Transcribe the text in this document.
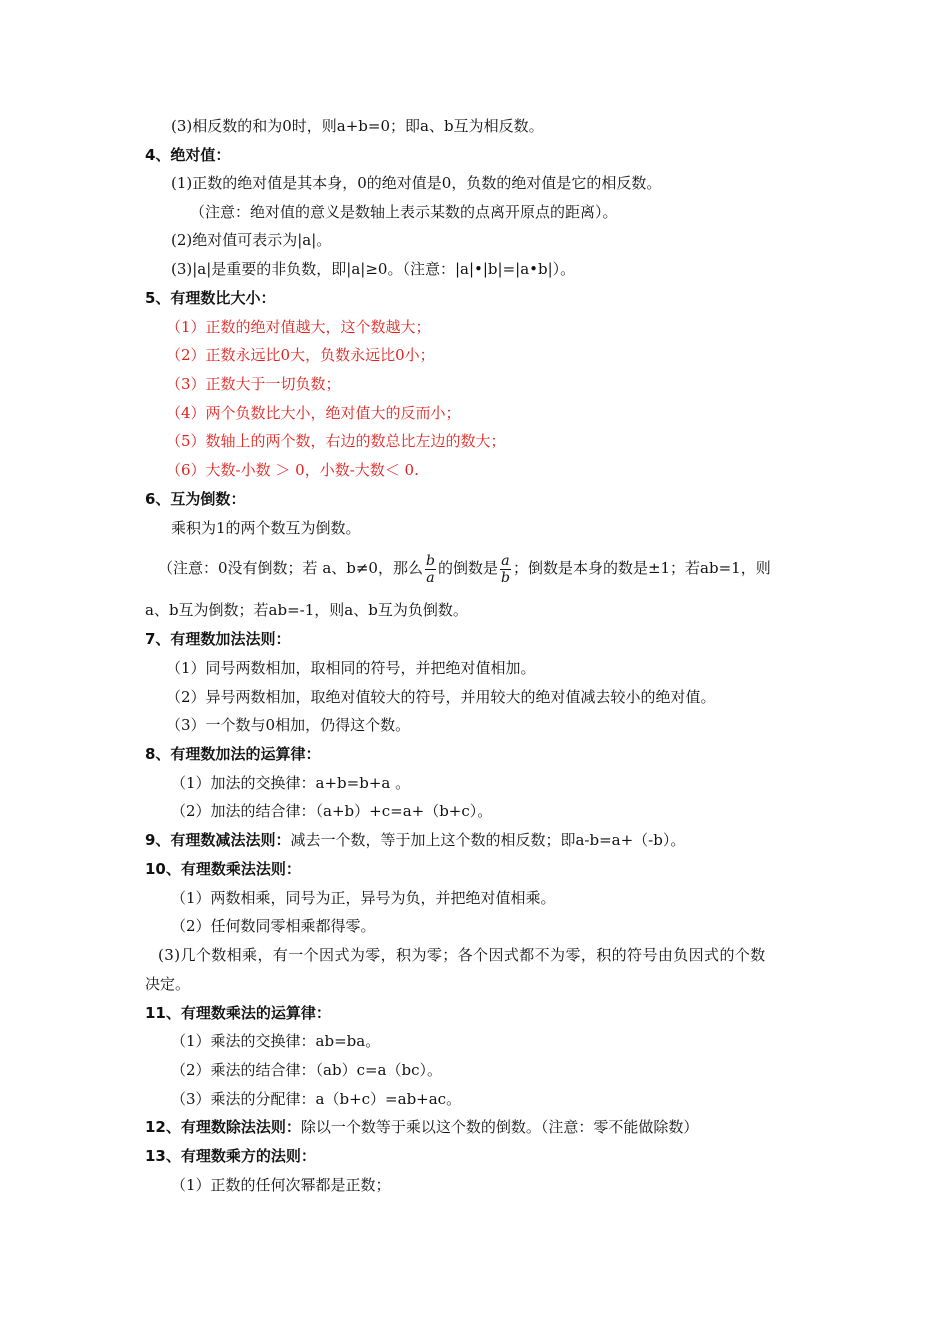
(3)相反数的和为0时，则a+b=0；即a、b互为相反数。
4、绝对值：
(1)正数的绝对值是其本身，0的绝对值是0，负数的绝对值是它的相反数。
（注意：绝对值的意义是数轴上表示某数的点离开原点的距离）。
(2)绝对值可表示为|a|。
(3)|a|是重要的非负数，即|a|≥0。（注意：|a|•|b|=|a•b|）。
5、有理数比大小：
（1）正数的绝对值越大，这个数越大；
（2）正数永远比0大，负数永远比0小；
（3）正数大于一切负数；
（4）两个负数比大小，绝对值大的反而小；
（5）数轴上的两个数，右边的数总比左边的数大；
（6）大数-小数 ＞ 0，小数-大数＜ 0.
6、互为倒数：
乘积为1的两个数互为倒数。
（注意：0没有倒数；若 a、b≠0，那么 $\frac{b}{a}$ 的倒数是 $\frac{a}{b}$ ；倒数是本身的数是±1；若ab=1，则
a、b互为倒数；若ab=-1，则a、b互为负倒数。
7、有理数加法法则：
（1）同号两数相加，取相同的符号，并把绝对值相加。
（2）异号两数相加，取绝对值较大的符号，并用较大的绝对值减去较小的绝对值。
（3）一个数与0相加，仍得这个数。
8、有理数加法的运算律：
（1）加法的交换律：a+b=b+a 。
（2）加法的结合律：（a+b）+c=a+（b+c）。
9、有理数减法法则：减去一个数，等于加上这个数的相反数；即a-b=a+（-b）。
10、有理数乘法法则：
（1）两数相乘，同号为正，异号为负，并把绝对值相乘。
（2）任何数同零相乘都得零。
(3)几个数相乘，有一个因式为零，积为零；各个因式都不为零，积的符号由负因式的个数
决定。
11、有理数乘法的运算律：
（1）乘法的交换律：ab=ba。
（2）乘法的结合律：（ab）c=a（bc）。
（3）乘法的分配律：a（b+c）=ab+ac。
12、有理数除法法则：除以一个数等于乘以这个数的倒数。（注意：零不能做除数）
13、有理数乘方的法则：
（1）正数的任何次幂都是正数；
